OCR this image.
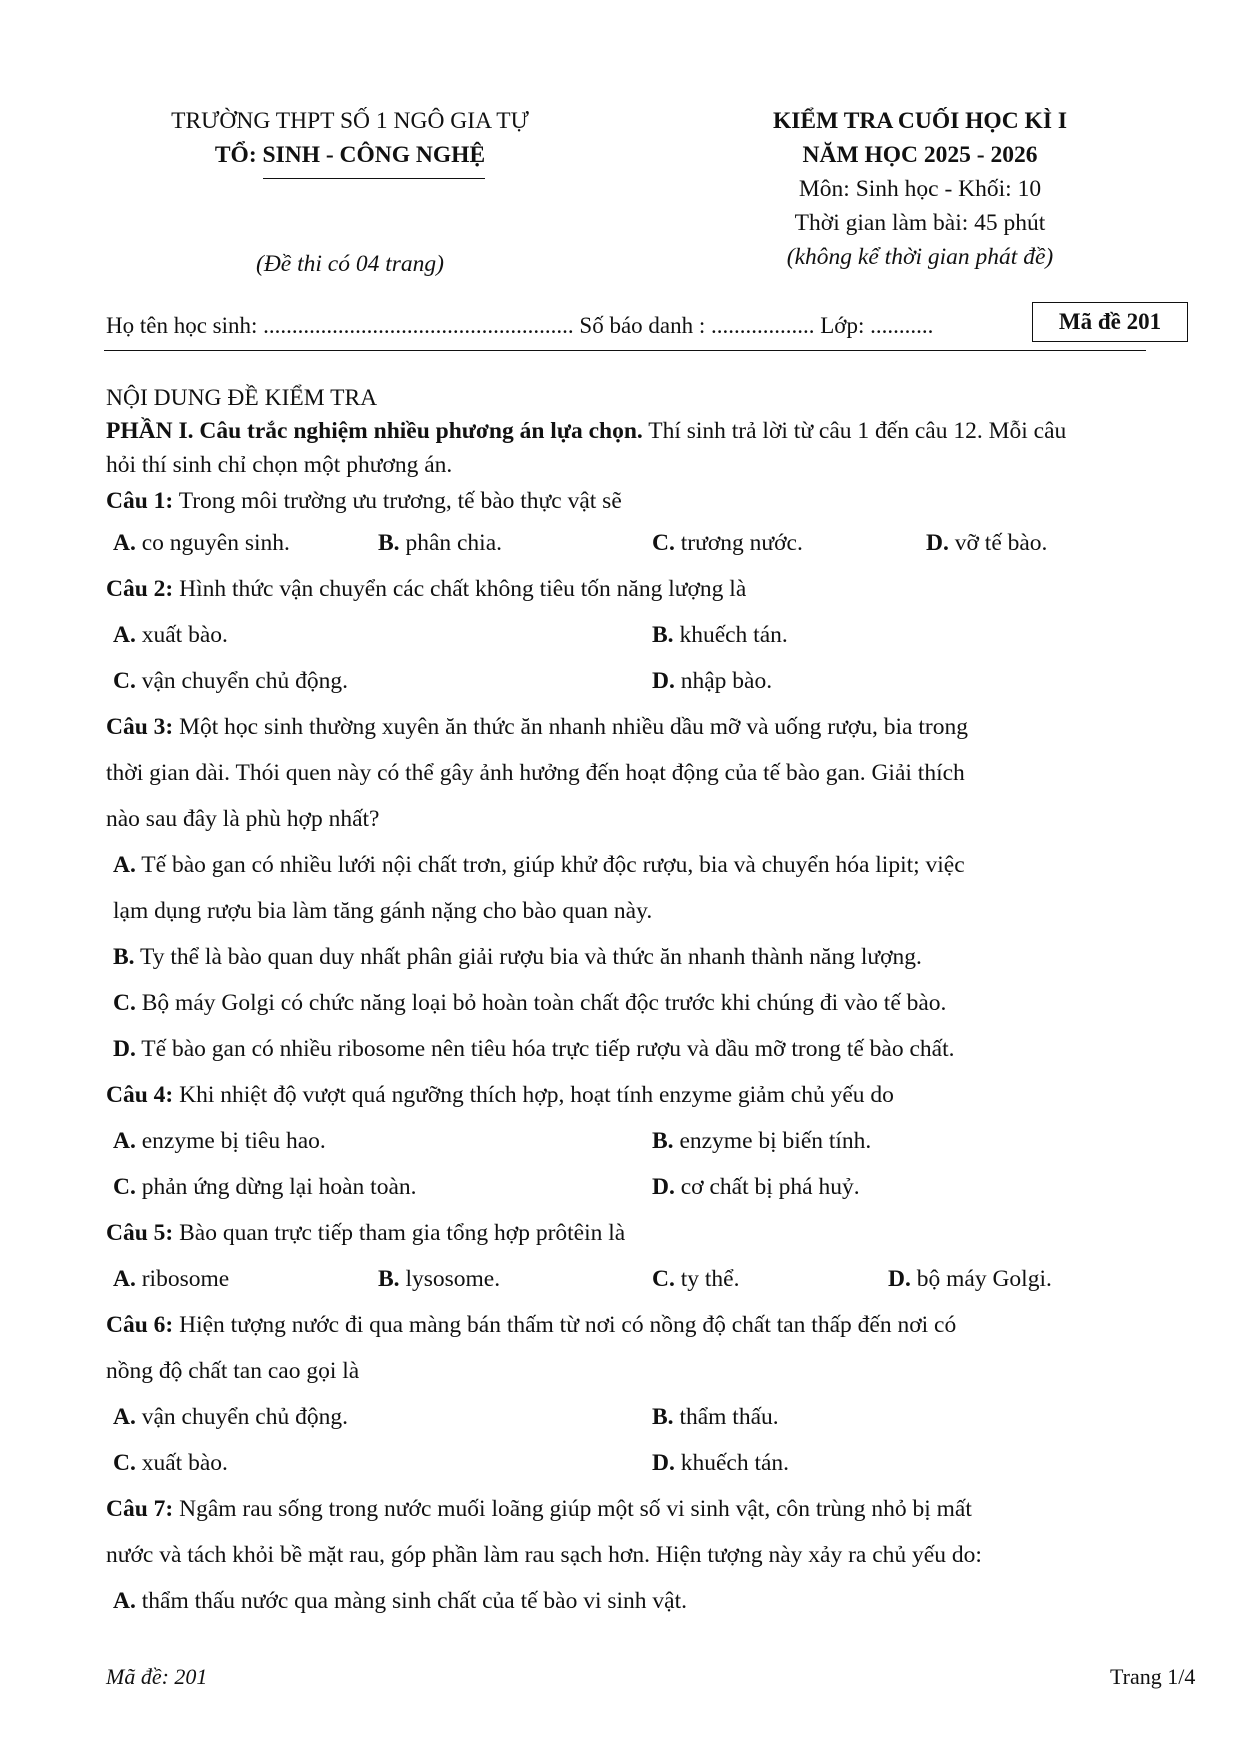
TRƯỜNG THPT SỐ 1 NGÔ GIA TỰ
TỔ: SINH - CÔNG NGHỆ
(Đề thi có 04 trang)
KIỂM TRA CUỐI HỌC KÌ I
NĂM HỌC 2025 - 2026
Môn: Sinh học - Khối: 10
Thời gian làm bài: 45 phút
(không kể thời gian phát đề)
Họ tên học sinh: ...................................................... Số báo danh : .................. Lớp: ...........	Mã đề 201
NỘI DUNG ĐỀ KIỂM TRA
PHẦN I. Câu trắc nghiệm nhiều phương án lựa chọn. Thí sinh trả lời từ câu 1 đến câu 12. Mỗi câu
hỏi thí sinh chỉ chọn một phương án.
Câu 1: Trong môi trường ưu trương, tế bào thực vật sẽ
A. co nguyên sinh.	B. phân chia.	C. trương nước.	D. vỡ tế bào.
Câu 2: Hình thức vận chuyển các chất không tiêu tốn năng lượng là
A. xuất bào.	B. khuếch tán.
C. vận chuyển chủ động.	D. nhập bào.
Câu 3: Một học sinh thường xuyên ăn thức ăn nhanh nhiều dầu mỡ và uống rượu, bia trong
thời gian dài. Thói quen này có thể gây ảnh hưởng đến hoạt động của tế bào gan. Giải thích
nào sau đây là phù hợp nhất?
A. Tế bào gan có nhiều lưới nội chất trơn, giúp khử độc rượu, bia và chuyển hóa lipit; việc
lạm dụng rượu bia làm tăng gánh nặng cho bào quan này.
B. Ty thể là bào quan duy nhất phân giải rượu bia và thức ăn nhanh thành năng lượng.
C. Bộ máy Golgi có chức năng loại bỏ hoàn toàn chất độc trước khi chúng đi vào tế bào.
D. Tế bào gan có nhiều ribosome nên tiêu hóa trực tiếp rượu và dầu mỡ trong tế bào chất.
Câu 4: Khi nhiệt độ vượt quá ngưỡng thích hợp, hoạt tính enzyme giảm chủ yếu do
A. enzyme bị tiêu hao.	B. enzyme bị biến tính.
C. phản ứng dừng lại hoàn toàn.	D. cơ chất bị phá huỷ.
Câu 5: Bào quan trực tiếp tham gia tổng hợp prôtêin là
A. ribosome	B. lysosome.	C. ty thể.	D. bộ máy Golgi.
Câu 6: Hiện tượng nước đi qua màng bán thấm từ nơi có nồng độ chất tan thấp đến nơi có
nồng độ chất tan cao gọi là
A. vận chuyển chủ động.	B. thẩm thấu.
C. xuất bào.	D. khuếch tán.
Câu 7: Ngâm rau sống trong nước muối loãng giúp một số vi sinh vật, côn trùng nhỏ bị mất
nước và tách khỏi bề mặt rau, góp phần làm rau sạch hơn. Hiện tượng này xảy ra chủ yếu do:
A. thẩm thấu nước qua màng sinh chất của tế bào vi sinh vật.
Mã đề: 201	Trang 1/4
